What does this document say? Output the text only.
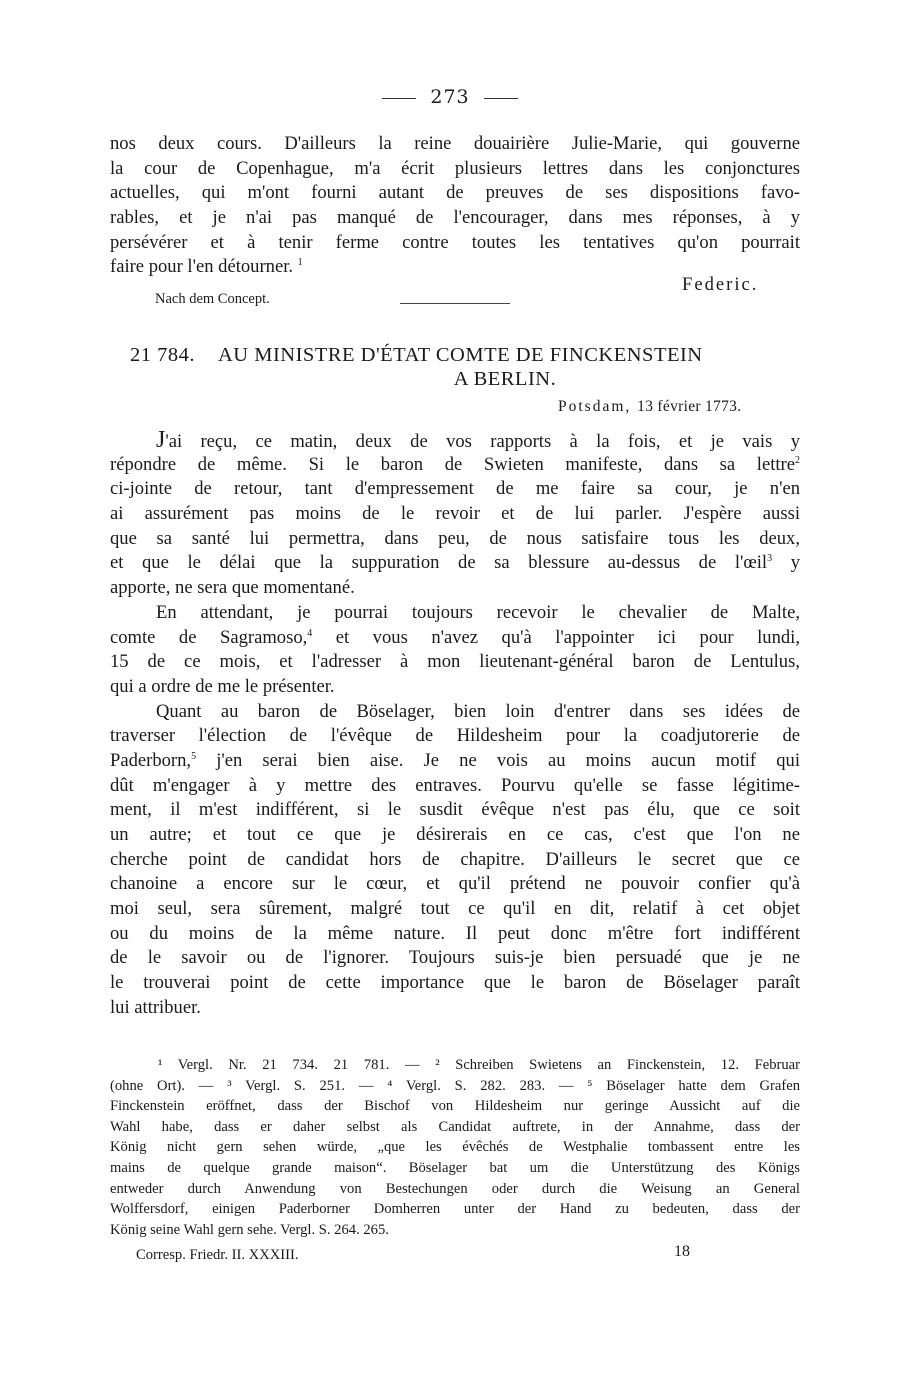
273
nos deux cours. D'ailleurs la reine douairière Julie-Marie, qui gouverne
la cour de Copenhague, m'a écrit plusieurs lettres dans les conjonctures
actuelles, qui m'ont fourni autant de preuves de ses dispositions favo-
rables, et je n'ai pas manqué de l'encourager, dans mes réponses, à y
persévérer et à tenir ferme contre toutes les tentatives qu'on pourrait
faire pour l'en détourner. $^1$
Federic.
Nach dem Concept.
21 784. AU MINISTRE D'ÉTAT COMTE DE FINCKENSTEIN
A BERLIN.
Potsdam, 13 février 1773.
J'ai reçu, ce matin, deux de vos rapports à la fois, et je vais y
répondre de même. Si le baron de Swieten manifeste, dans sa lettre$^2$
ci-jointe de retour, tant d'empressement de me faire sa cour, je n'en
ai assurément pas moins de le revoir et de lui parler. J'espère aussi
que sa santé lui permettra, dans peu, de nous satisfaire tous les deux,
et que le délai que la suppuration de sa blessure au-dessus de l'œil$^3$ y
apporte, ne sera que momentané.
En attendant, je pourrai toujours recevoir le chevalier de Malte,
comte de Sagramoso,$^4$ et vous n'avez qu'à l'appointer ici pour lundi,
15 de ce mois, et l'adresser à mon lieutenant-général baron de Lentulus,
qui a ordre de me le présenter.
Quant au baron de Böselager, bien loin d'entrer dans ses idées de
traverser l'élection de l'évêque de Hildesheim pour la coadjutorerie de
Paderborn,$^5$ j'en serai bien aise. Je ne vois au moins aucun motif qui
dût m'engager à y mettre des entraves. Pourvu qu'elle se fasse légitime-
ment, il m'est indifférent, si le susdit évêque n'est pas élu, que ce soit
un autre; et tout ce que je désirerais en ce cas, c'est que l'on ne
cherche point de candidat hors de chapitre. D'ailleurs le secret que ce
chanoine a encore sur le cœur, et qu'il prétend ne pouvoir confier qu'à
moi seul, sera sûrement, malgré tout ce qu'il en dit, relatif à cet objet
ou du moins de la même nature. Il peut donc m'être fort indifférent
de le savoir ou de l'ignorer. Toujours suis-je bien persuadé que je ne
le trouverai point de cette importance que le baron de Böselager paraît
lui attribuer.
¹ Vergl. Nr. 21 734. 21 781. — ² Schreiben Swietens an Finckenstein, 12. Februar
(ohne Ort). — ³ Vergl. S. 251. — ⁴ Vergl. S. 282. 283. — ⁵ Böselager hatte dem Grafen
Finckenstein eröffnet, dass der Bischof von Hildesheim nur geringe Aussicht auf die
Wahl habe, dass er daher selbst als Candidat auftrete, in der Annahme, dass der
König nicht gern sehen würde, „que les évêchés de Westphalie tombassent entre les
mains de quelque grande maison“. Böselager bat um die Unterstützung des Königs
entweder durch Anwendung von Bestechungen oder durch die Weisung an General
Wolffersdorf, einigen Paderborner Domherren unter der Hand zu bedeuten, dass der
König seine Wahl gern sehe. Vergl. S. 264. 265.
Corresp. Friedr. II. XXXIII.	18
